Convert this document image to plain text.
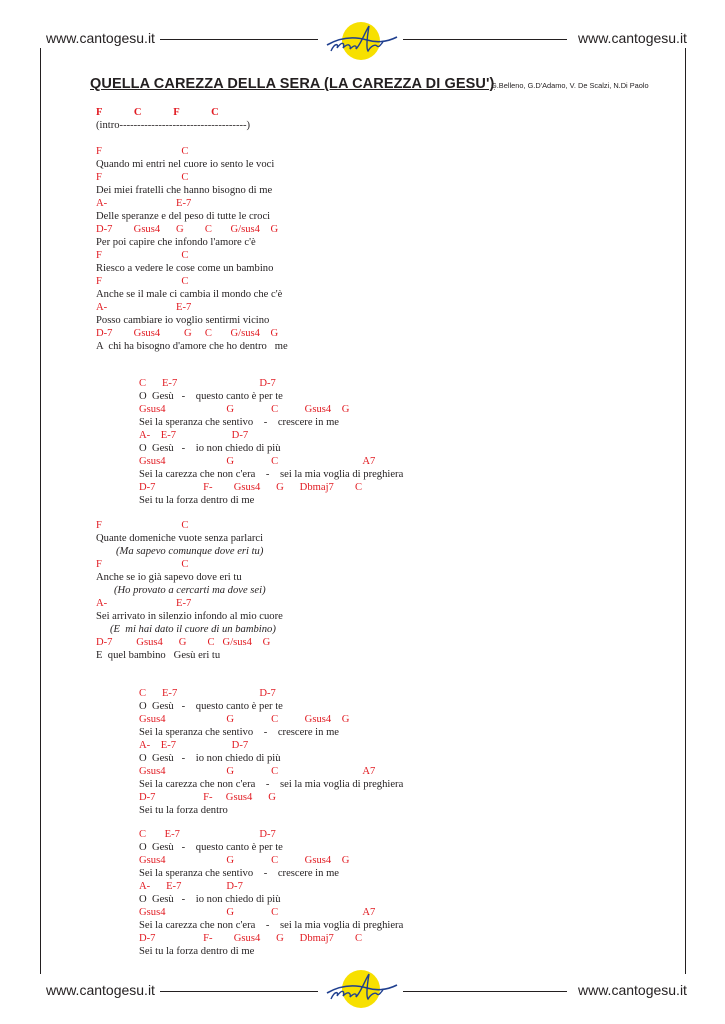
www.cantogesu.it	www.cantogesu.it
QUELLA CAREZZA DELLA SERA (LA CAREZZA DI GESU')
G.Belleno, G.D'Adamo, V. De Scalzi, N.Di Paolo
F            C            F            C
(intro------------------------------------)
F                              C
Quando mi entri nel cuore io sento le voci
F                              C
Dei miei fratelli che hanno bisogno di me
A-                          E-7
Delle speranze e del peso di tutte le croci
D-7        Gsus4      G        C       G/sus4    G
Per poi capire che infondo l'amore c'è
F                              C
Riesco a vedere le cose come un bambino
F                              C
Anche se il male ci cambia il mondo che c'è
A-                          E-7
Posso cambiare io voglio sentirmi vicino
D-7        Gsus4         G     C       G/sus4    G
A  chi ha bisogno d'amore che ho dentro   me
C      E-7                               D-7
O  Gesù   -    questo canto è per te
Gsus4                       G              C          Gsus4    G
Sei la speranza che sentivo    -    crescere in me
A-    E-7                     D-7
O  Gesù   -    io non chiedo di più
Gsus4                       G              C                                A7
Sei la carezza che non c'era    -    sei la mia voglia di preghiera
D-7                  F-        Gsus4      G      Dbmaj7        C
Sei tu la forza dentro di me
F                              C
Quante domeniche vuote senza parlarci
(Ma sapevo comunque dove eri tu)
F                              C
Anche se io già sapevo dove eri tu
(Ho provato a cercarti ma dove sei)
A-                          E-7
Sei arrivato in silenzio infondo al mio cuore
(E  mi hai dato il cuore di un bambino)
D-7         Gsus4      G        C   G/sus4    G
E  quel bambino   Gesù eri tu
C      E-7                               D-7
O  Gesù   -    questo canto è per te
Gsus4                       G              C          Gsus4    G
Sei la speranza che sentivo    -    crescere in me
A-    E-7                     D-7
O  Gesù   -    io non chiedo di più
Gsus4                       G              C                                A7
Sei la carezza che non c'era    -    sei la mia voglia di preghiera
D-7                  F-     Gsus4      G
Sei tu la forza dentro
C       E-7                              D-7
O  Gesù   -    questo canto è per te
Gsus4                       G              C          Gsus4    G
Sei la speranza che sentivo    -    crescere in me
A-      E-7                 D-7
O  Gesù   -    io non chiedo di più
Gsus4                       G              C                                A7
Sei la carezza che non c'era    -    sei la mia voglia di preghiera
D-7                  F-        Gsus4      G      Dbmaj7        C
Sei tu la forza dentro di me
www.cantogesu.it	www.cantogesu.it
